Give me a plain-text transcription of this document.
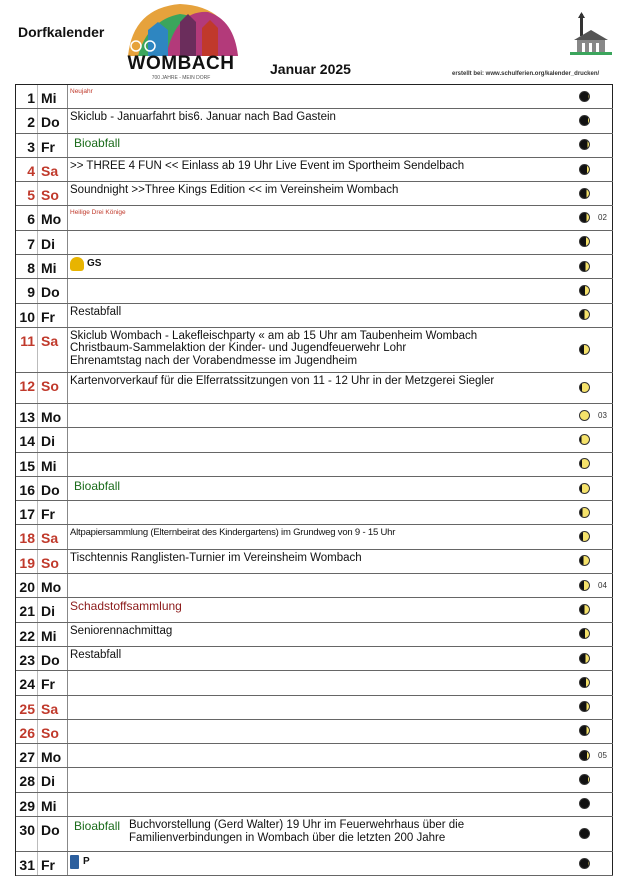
Dorfkalender
WOMBACH
700 JAHRE - MEIN DORF
Januar 2025	erstellt bei: www.schulferien.org/kalender_drucken/
1 Mi	Neujahr
2 Do Skiclub - Januarfahrt bis6. Januar nach Bad Gastein
3 Fr	Bioabfall
4 Sa	>> THREE 4 FUN << Einlass ab 19 Uhr Live Event im Sportheim Sendelbach
5 So Soundnight >>Three Kings Edition << im Vereinsheim Wombach
6 Mo	Heilige Drei Könige
02
7 Di
8 Mi	GS
9 Do
10 Fr	Restabfall
11 Sa	Skiclub Wombach - Lakefleischparty « am ab 15 Uhr am Taubenheim Wombach
Christbaum-Sammelaktion der Kinder- und Jugendfeuerwehr Lohr
Ehrenamtstag nach der Vorabendmesse im Jugendheim
12 So Kartenvorverkauf für die Elferratssitzungen von 11 - 12 Uhr in der Metzgerei Siegler
13 Mo	03
14 Di
15 Mi
16 Do	Bioabfall
17 Fr
18 Sa	Altpapiersammlung (Elternbeirat des Kindergartens) im Grundweg von 9 - 15 Uhr
19 So Tischtennis Ranglisten-Turnier im Vereinsheim Wombach
20 Mo	04
21 Di	Schadstoffsammlung
22 Mi	Seniorennachmittag
23 Do Restabfall
24 Fr
25 Sa
26 So
27 Mo	05
28 Di
29 Mi
30 Do	Bioabfall Buchvorstellung (Gerd Walter) 19 Uhr im Feuerwehrhaus über die
Familienverbindungen in Wombach über die letzten 200 Jahre
31 Fr	P
